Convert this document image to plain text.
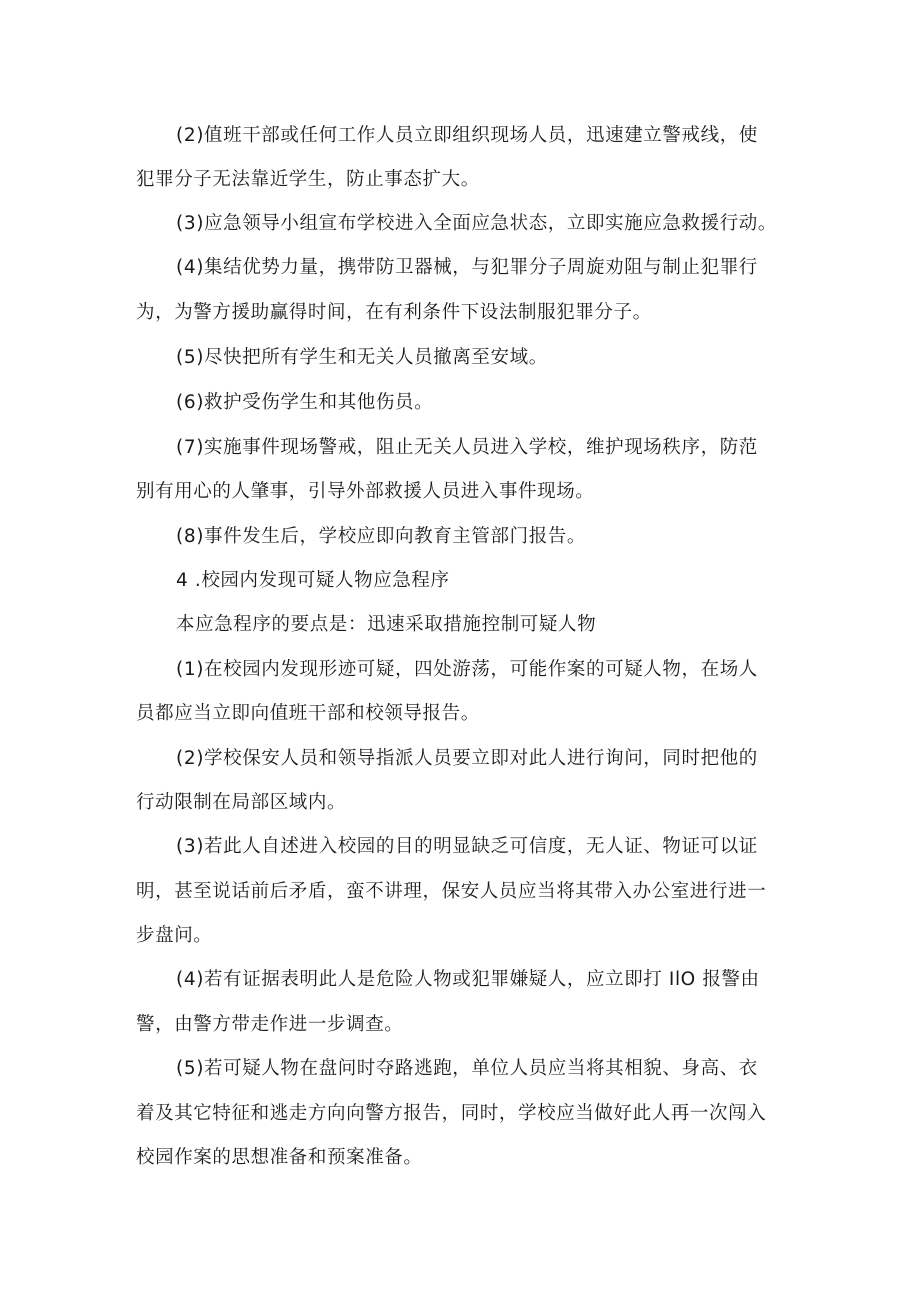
(2)值班干部或任何工作人员立即组织现场人员，迅速建立警戒线，使
犯罪分子无法靠近学生，防止事态扩大。
(3)应急领导小组宣布学校进入全面应急状态，立即实施应急救援行动。
(4)集结优势力量，携带防卫器械，与犯罪分子周旋劝阻与制止犯罪行
为，为警方援助赢得时间，在有利条件下设法制服犯罪分子。
(5)尽快把所有学生和无关人员撤离至安域。
(6)救护受伤学生和其他伤员。
(7)实施事件现场警戒，阻止无关人员进入学校，维护现场秩序，防范
别有用心的人肇事，引导外部救援人员进入事件现场。
(8)事件发生后，学校应即向教育主管部门报告。
4 .校园内发现可疑人物应急程序
本应急程序的要点是：迅速采取措施控制可疑人物
(1)在校园内发现形迹可疑，四处游荡，可能作案的可疑人物，在场人
员都应当立即向值班干部和校领导报告。
(2)学校保安人员和领导指派人员要立即对此人进行询问，同时把他的
行动限制在局部区域内。
(3)若此人自述进入校园的目的明显缺乏可信度，无人证、物证可以证
明，甚至说话前后矛盾，蛮不讲理，保安人员应当将其带入办公室进行进一
步盘问。
(4)若有证据表明此人是危险人物或犯罪嫌疑人，应立即打 IlO 报警由
警，由警方带走作进一步调查。
(5)若可疑人物在盘问时夺路逃跑，单位人员应当将其相貌、身高、衣
着及其它特征和逃走方向向警方报告，同时，学校应当做好此人再一次闯入
校园作案的思想准备和预案准备。
